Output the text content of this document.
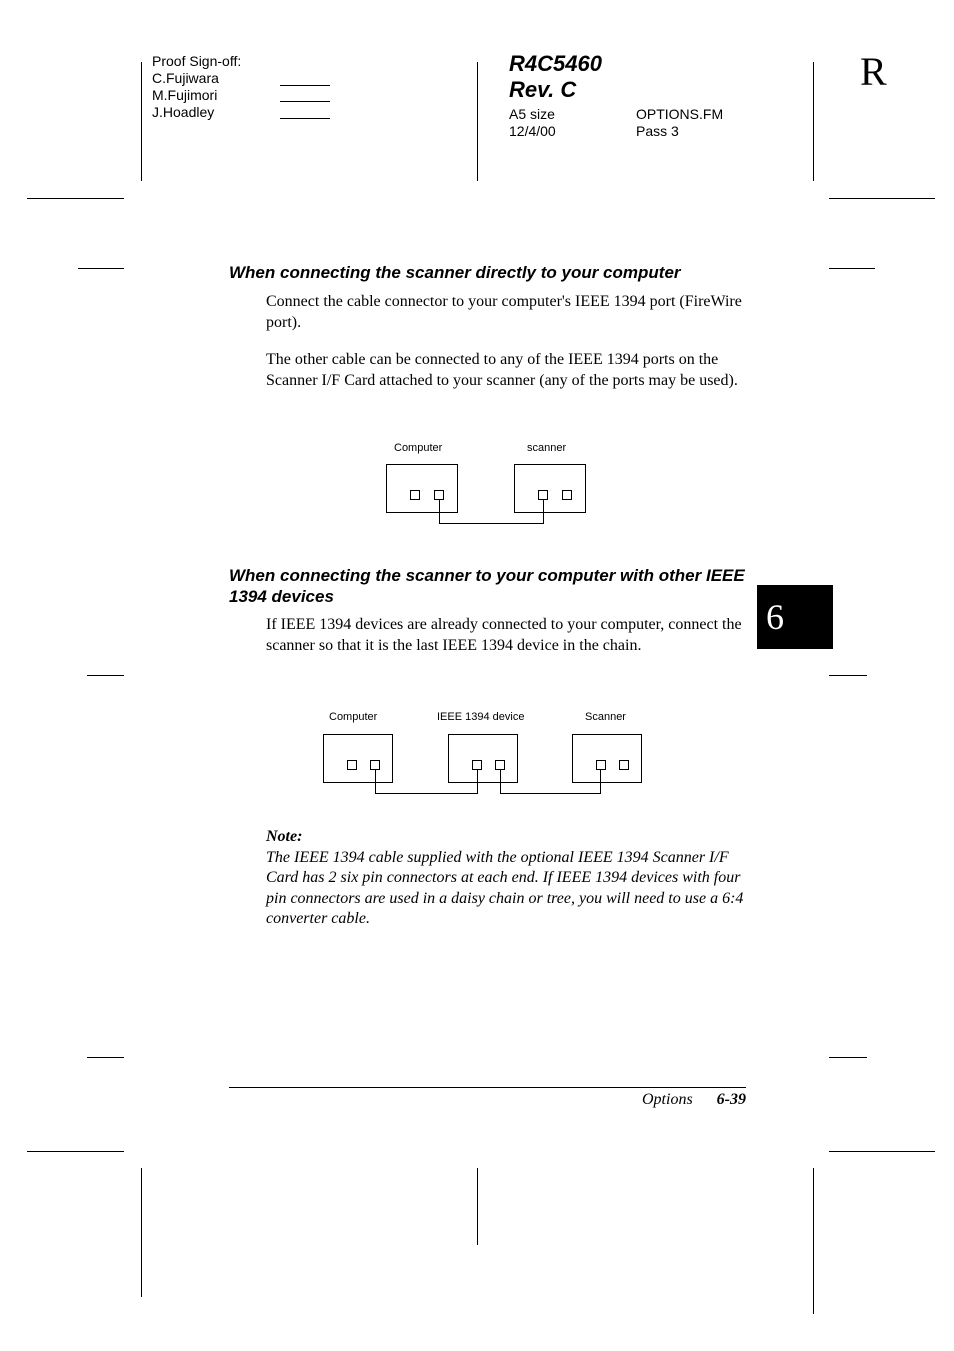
Proof Sign-off:
C.Fujiwara
M.Fujimori
J.Hoadley
R4C5460
Rev. C
A5 size
12/4/00
OPTIONS.FM
Pass 3
R
When connecting the scanner directly to your computer
Connect the cable connector to your computer's IEEE 1394 port (FireWire port).
The other cable can be connected to any of the IEEE 1394 ports on the Scanner I/F Card attached to your scanner (any of the ports may be used).
Computer	scanner
When connecting the scanner to your computer with other IEEE 1394 devices
If IEEE 1394 devices are already connected to your computer, connect the scanner so that it is the last IEEE 1394 device in the chain.
6
Computer	IEEE 1394 device	Scanner
Note:
The IEEE 1394 cable supplied with the optional IEEE 1394 Scanner I/F Card has 2 six pin connectors at each end. If IEEE 1394 devices with four pin connectors are used in a daisy chain or tree, you will need to use a 6:4 converter cable.
Options 6-39
